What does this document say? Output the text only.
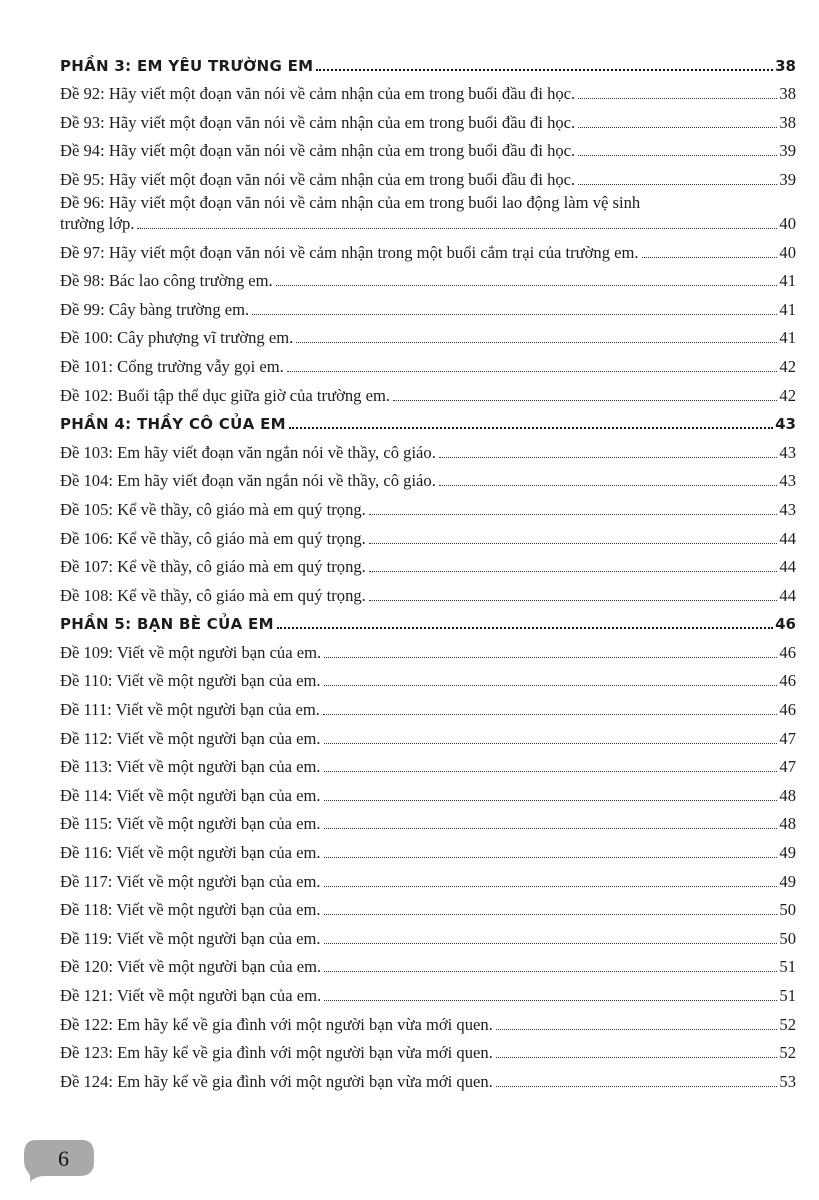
PHẦN 3: EM YÊU TRƯỜNG EM	38
Đề 92: Hãy viết một đoạn văn nói về cảm nhận của em trong buổi đầu đi học.	38
Đề 93: Hãy viết một đoạn văn nói về cảm nhận của em trong buổi đầu đi học.	38
Đề 94: Hãy viết một đoạn văn nói về cảm nhận của em trong buổi đầu đi học.	39
Đề 95: Hãy viết một đoạn văn nói về cảm nhận của em trong buổi đầu đi học.	39
Đề 96: Hãy viết một đoạn văn nói về cảm nhận của em trong buổi lao động làm vệ sinh
trường lớp.	40
Đề 97: Hãy viết một đoạn văn nói về cảm nhận trong một buổi cắm trại của trường em.	40
Đề 98: Bác lao công trường em.	41
Đề 99: Cây bàng trường em.	41
Đề 100: Cây phượng vĩ trường em.	41
Đề 101: Cổng trường vẫy gọi em.	42
Đề 102: Buổi tập thể dục giữa giờ của trường em.	42
PHẦN 4: THẦY CÔ CỦA EM	43
Đề 103: Em hãy viết đoạn văn ngắn nói về thầy, cô giáo.	43
Đề 104: Em hãy viết đoạn văn ngắn nói về thầy, cô giáo.	43
Đề 105: Kể về thầy, cô giáo mà em quý trọng.	43
Đề 106: Kể về thầy, cô giáo mà em quý trọng.	44
Đề 107: Kể về thầy, cô giáo mà em quý trọng.	44
Đề 108: Kể về thầy, cô giáo mà em quý trọng.	44
PHẦN 5: BẠN BÈ CỦA EM	46
Đề 109: Viết về một người bạn của em.	46
Đề 110: Viết về một người bạn của em.	46
Đề 111: Viết về một người bạn của em.	46
Đề 112: Viết về một người bạn của em.	47
Đề 113: Viết về một người bạn của em.	47
Đề 114: Viết về một người bạn của em.	48
Đề 115: Viết về một người bạn của em.	48
Đề 116: Viết về một người bạn của em.	49
Đề 117: Viết về một người bạn của em.	49
Đề 118: Viết về một người bạn của em.	50
Đề 119: Viết về một người bạn của em.	50
Đề 120: Viết về một người bạn của em.	51
Đề 121: Viết về một người bạn của em.	51
Đề 122: Em hãy kể về gia đình với một người bạn vừa mới quen.	52
Đề 123: Em hãy kể về gia đình với một người bạn vừa mới quen.	52
Đề 124: Em hãy kể về gia đình với một người bạn vừa mới quen.	53
6
